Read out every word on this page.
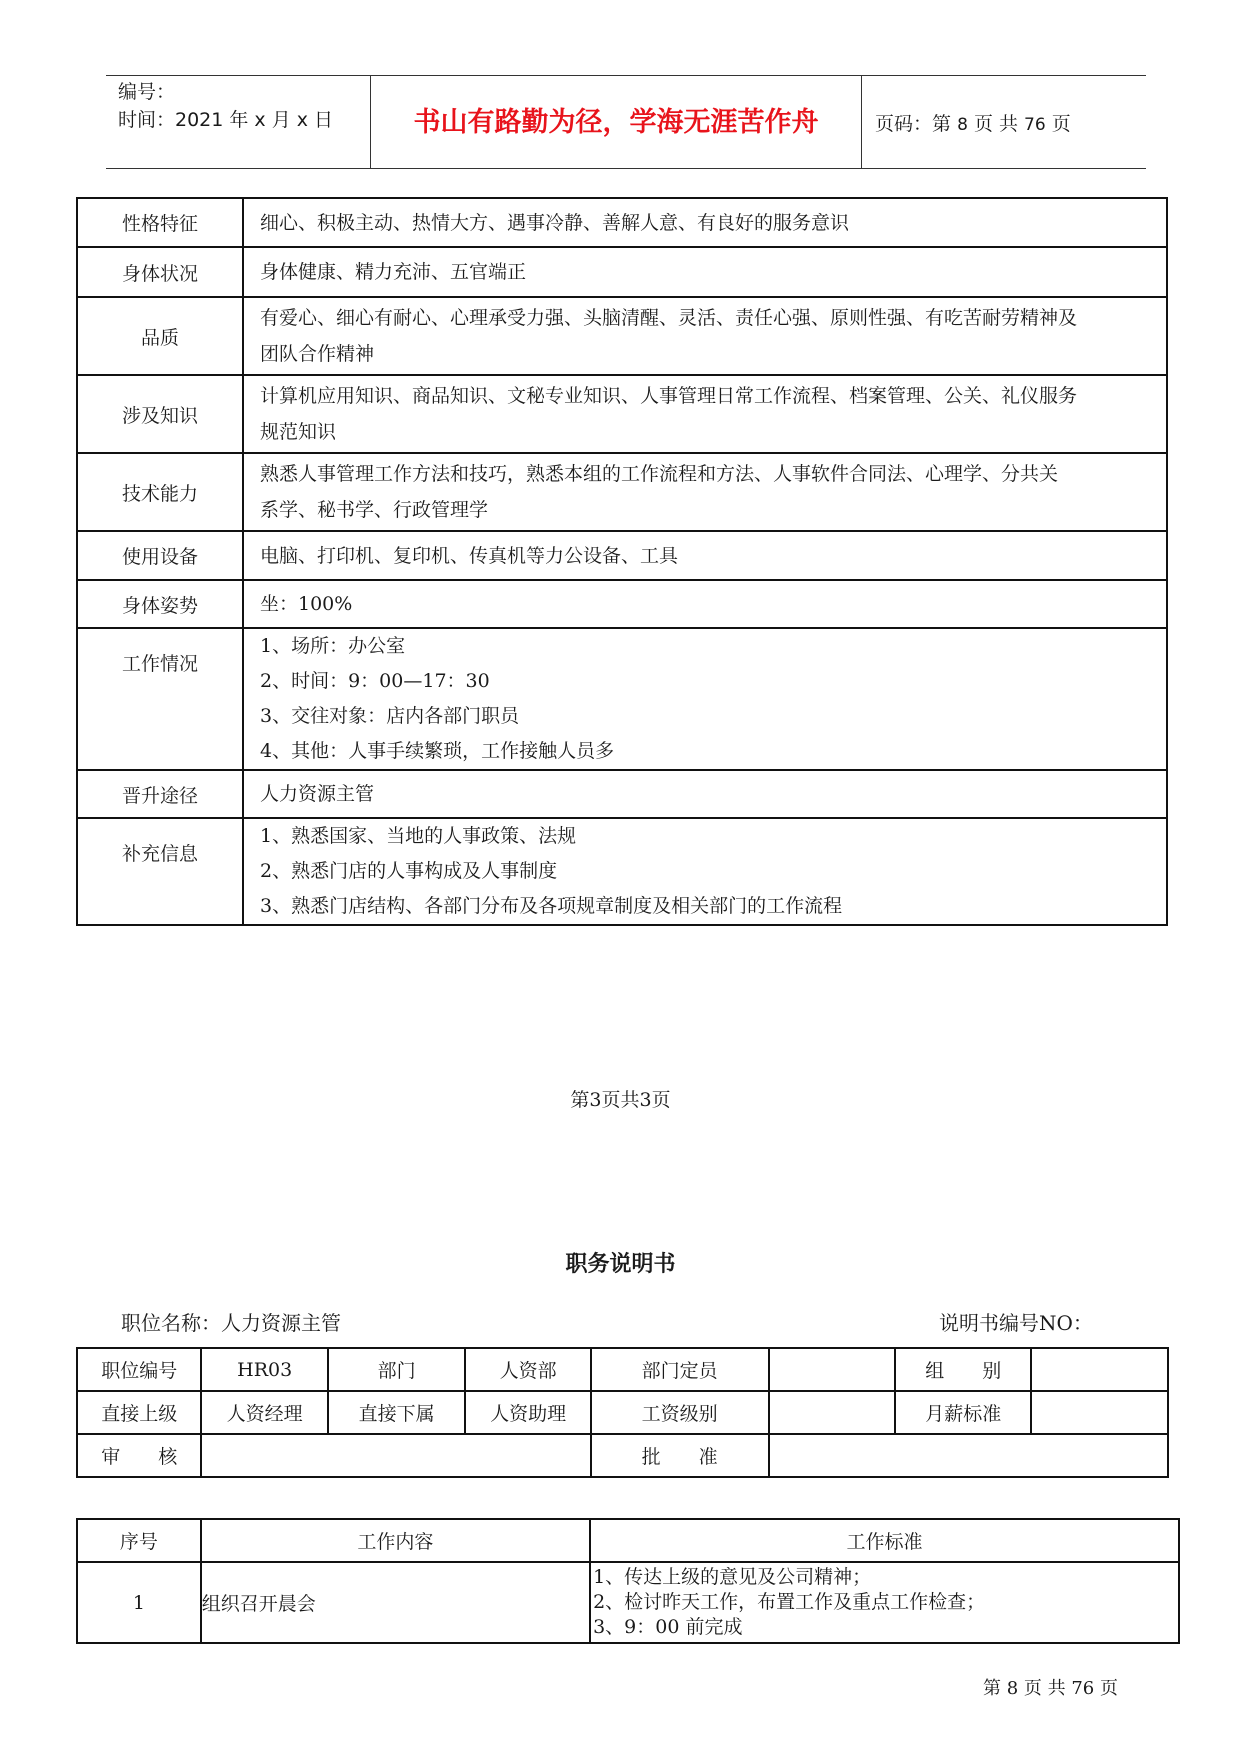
编号：
时间：2021 年 x 月 x 日	书山有路勤为径，学海无涯苦作舟	页码：第 8 页 共 76 页
性格特征	细心、积极主动、热情大方、遇事冷静、善解人意、有良好的服务意识

身体状况	身体健康、精力充沛、五官端正

品质	有爱心、细心有耐心、心理承受力强、头脑清醒、灵活、责任心强、原则性强、有吃苦耐劳精神及
团队合作精神

涉及知识	计算机应用知识、商品知识、文秘专业知识、人事管理日常工作流程、档案管理、公关、礼仪服务
规范知识

技术能力	熟悉人事管理工作方法和技巧，熟悉本组的工作流程和方法、人事软件合同法、心理学、分共关
系学、秘书学、行政管理学

使用设备	电脑、打印机、复印机、传真机等力公设备、工具

身体姿势	坐：100%

工作情况	1、场所：办公室
2、时间：9：00—17：30
3、交往对象：店内各部门职员
4、其他：人事手续繁琐，工作接触人员多

晋升途径	人力资源主管

补充信息	1、熟悉国家、当地的人事政策、法规
2、熟悉门店的人事构成及人事制度
3、熟悉门店结构、各部门分布及各项规章制度及相关部门的工作流程
第3页共3页
职务说明书
职位名称：人力资源主管	说明书编号NO：
职位编号	HR03	部门	人资部	部门定员		组　　别	
直接上级	人资经理	直接下属	人资助理	工资级别		月薪标准	
审　　核				批　　准			
序号	工作内容	工作标准
1	组织召开晨会	1、传达上级的意见及公司精神；
2、检讨昨天工作，布置工作及重点工作检查；
3、9：00 前完成
第 8 页 共 76 页
